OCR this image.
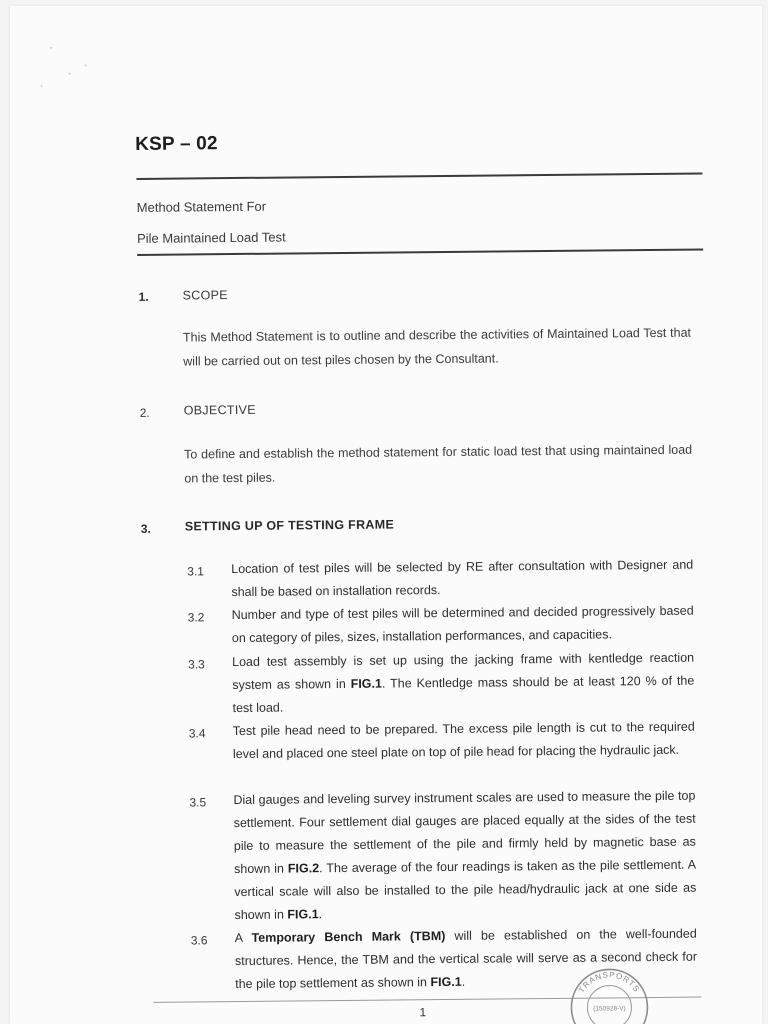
KSP – 02
Method Statement For
Pile Maintained Load Test
1.	SCOPE
This Method Statement is to outline and describe the activities of Maintained Load Test that will be carried out on test piles chosen by the Consultant.
2.	OBJECTIVE
To define and establish the method statement for static load test that using maintained load on the test piles.
3.	SETTING UP OF TESTING FRAME
3.1 Location of test piles will be selected by RE after consultation with Designer and shall be based on installation records.
3.2 Number and type of test piles will be determined and decided progressively based on category of piles, sizes, installation performances, and capacities.
3.3 Load test assembly is set up using the jacking frame with kentledge reaction system as shown in FIG.1. The Kentledge mass should be at least 120 % of the test load.
3.4 Test pile head need to be prepared. The excess pile length is cut to the required level and placed one steel plate on top of pile head for placing the hydraulic jack.
3.5 Dial gauges and leveling survey instrument scales are used to measure the pile top settlement. Four settlement dial gauges are placed equally at the sides of the test pile to measure the settlement of the pile and firmly held by magnetic base as shown in FIG.2. The average of the four readings is taken as the pile settlement. A vertical scale will also be installed to the pile head/hydraulic jack at one side as shown in FIG.1.
3.6 A Temporary Bench Mark (TBM) will be established on the well-founded structures. Hence, the TBM and the vertical scale will serve as a second check for the pile top settlement as shown in FIG.1.
1
TRANSPORTS
(150928-V)
